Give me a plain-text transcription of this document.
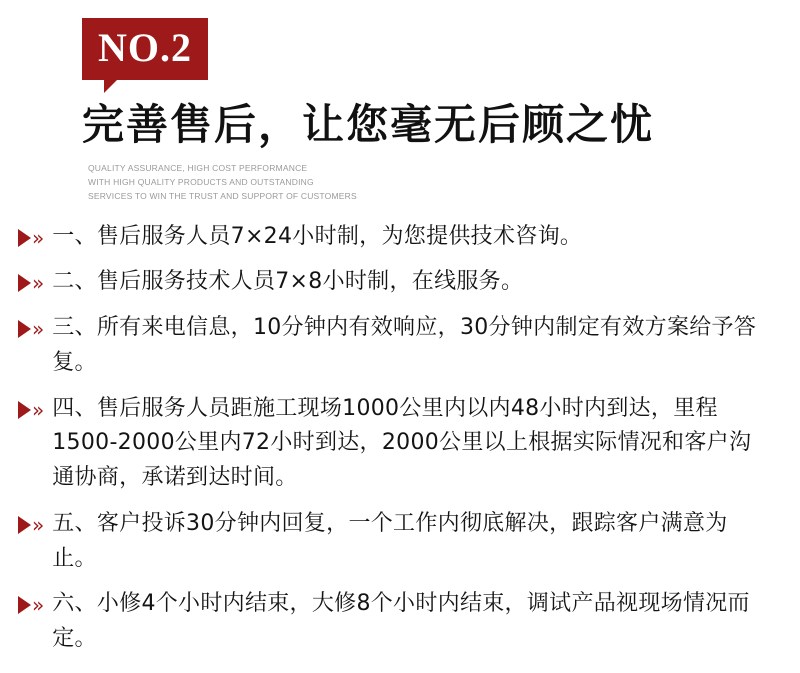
NO.2
完善售后，让您毫无后顾之忧
QUALITY ASSURANCE, HIGH COST PERFORMANCE
WITH HIGH QUALITY PRODUCTS AND OUTSTANDING
SERVICES TO WIN THE TRUST AND SUPPORT OF CUSTOMERS
» 一、售后服务人员7×24小时制，为您提供技术咨询。
» 二、售后服务技术人员7×8小时制，在线服务。
» 三、所有来电信息，10分钟内有效响应，30分钟内制定有效方案给予答复。
» 四、售后服务人员距施工现场1000公里内以内48小时内到达，里程1500-2000公里内72小时到达，2000公里以上根据实际情况和客户沟通协商，承诺到达时间。
» 五、客户投诉30分钟内回复，一个工作内彻底解决，跟踪客户满意为止。
» 六、小修4个小时内结束，大修8个小时内结束，调试产品视现场情况而定。
